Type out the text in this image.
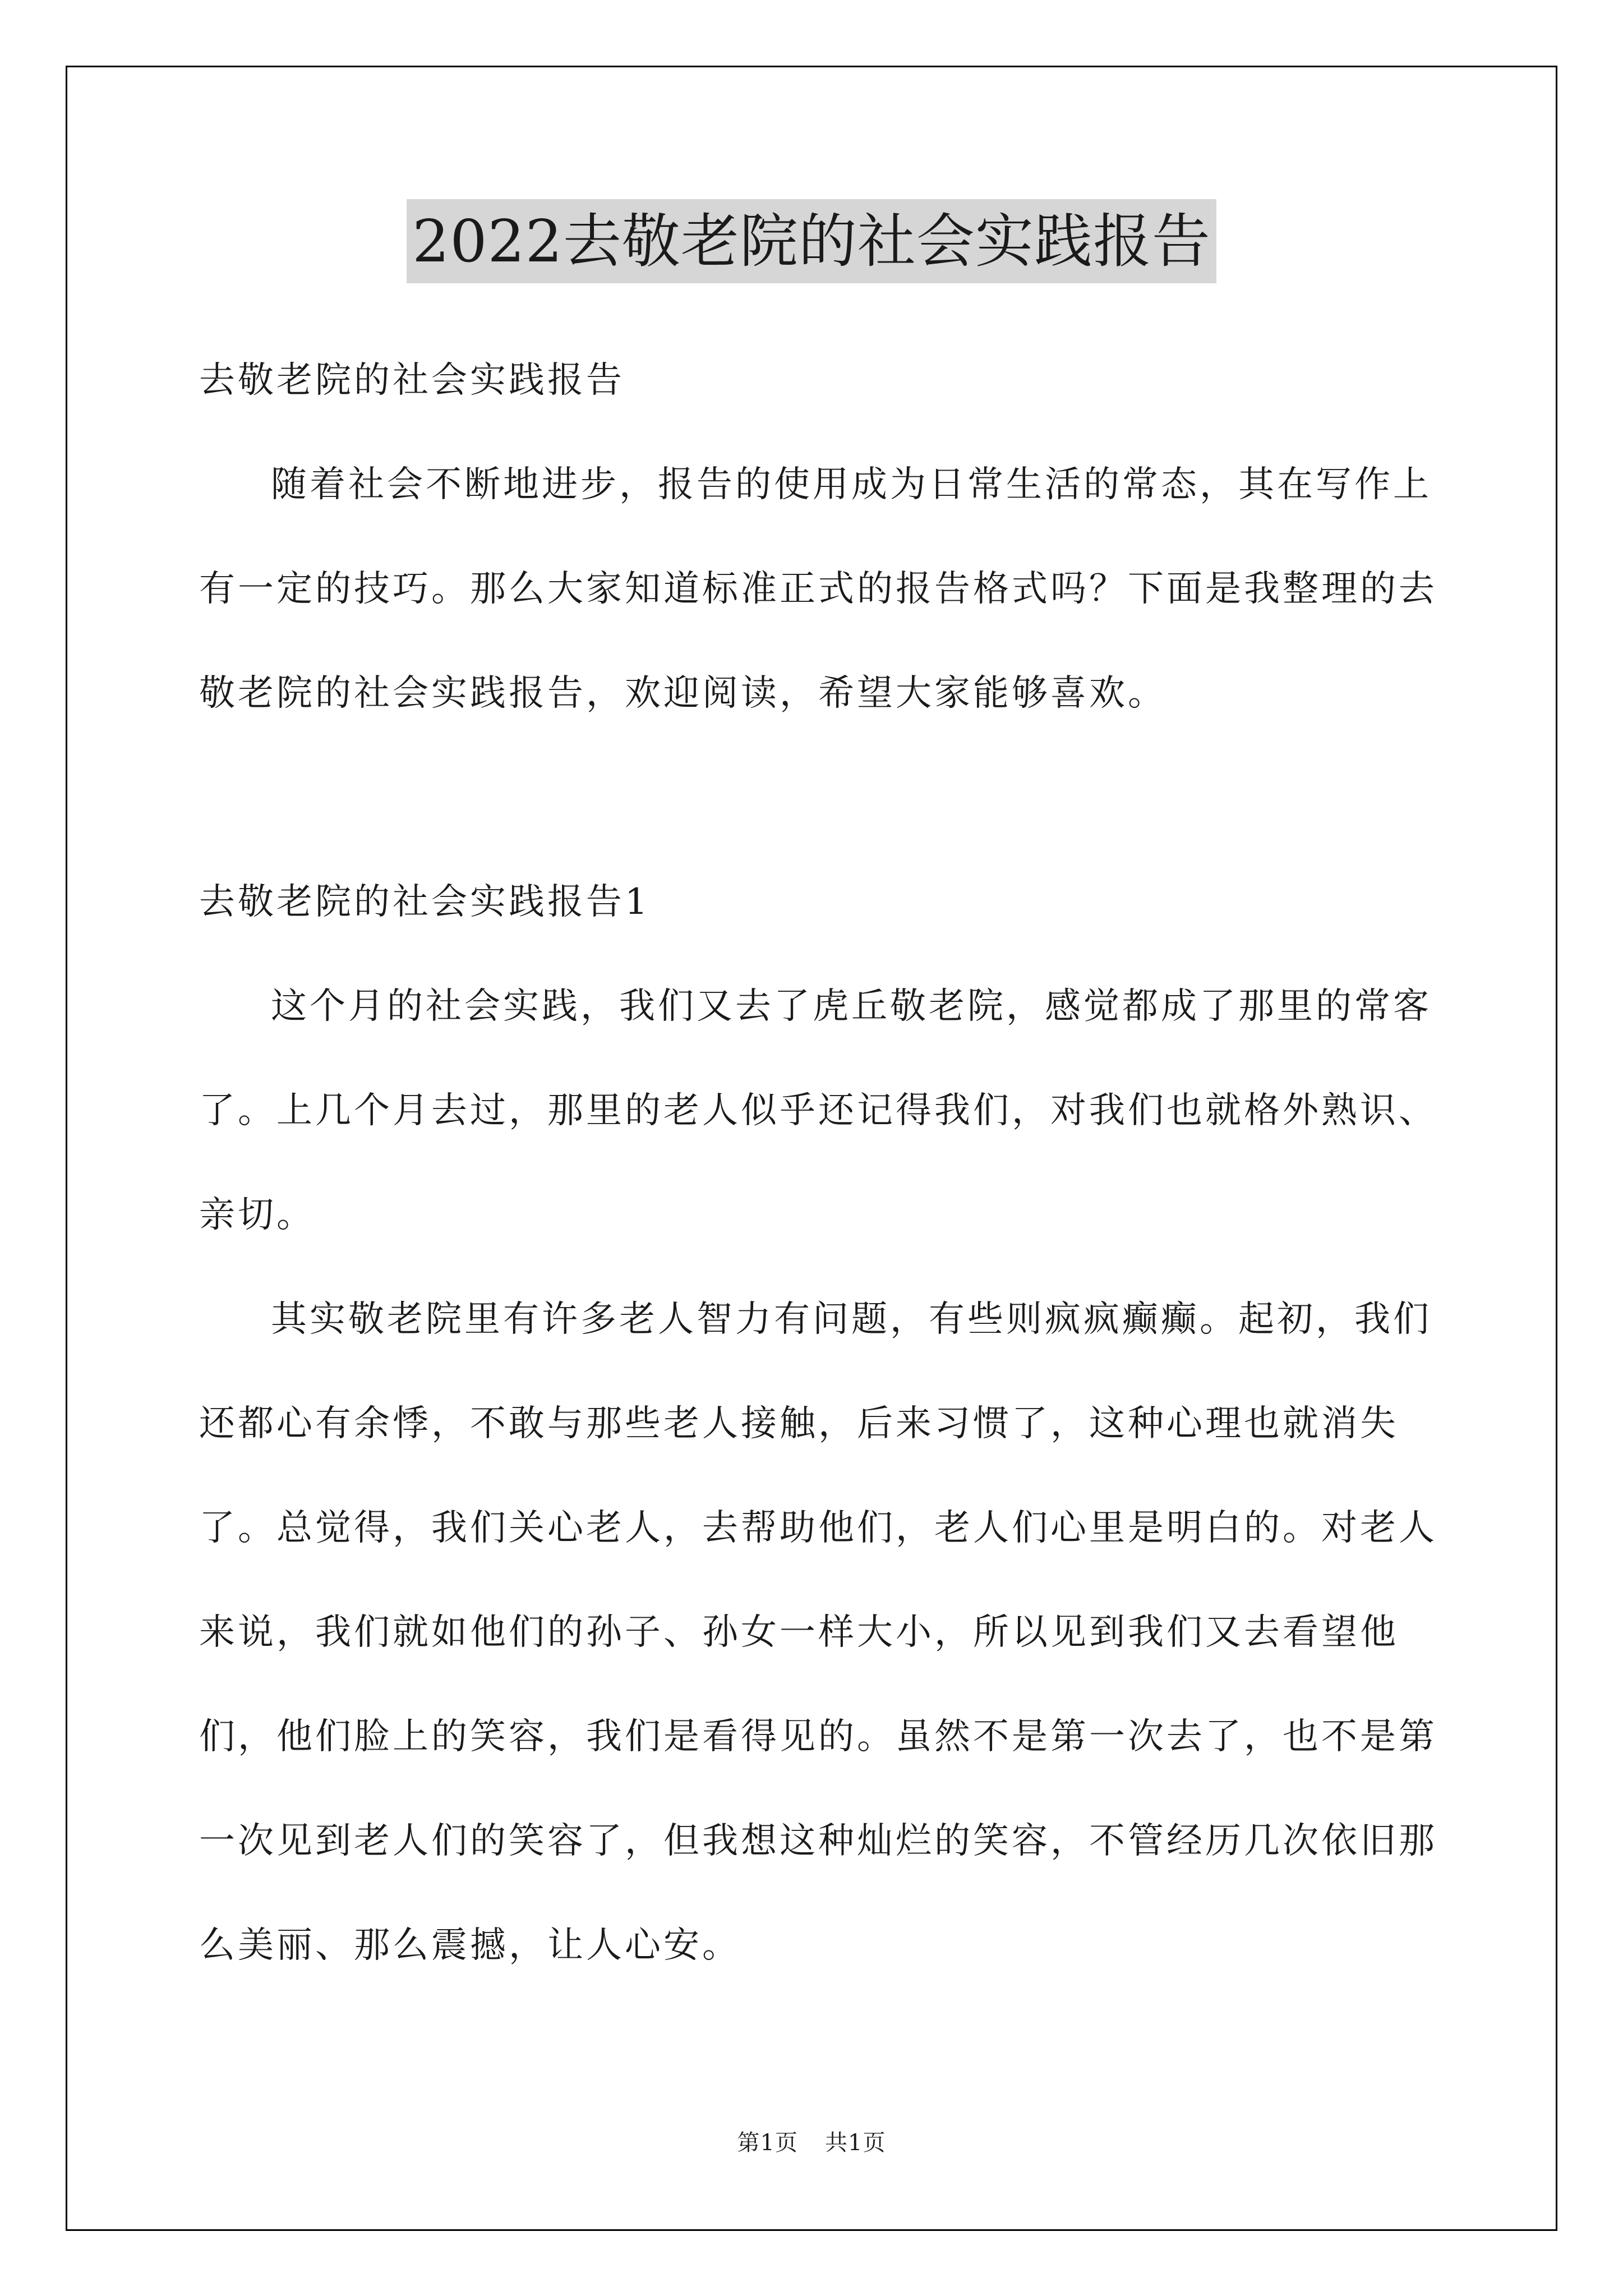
2022去敬老院的社会实践报告

去敬老院的社会实践报告

随着社会不断地进步，报告的使用成为日常生活的常态，其在写作上有一定的技巧。那么大家知道标准正式的报告格式吗？下面是我整理的去敬老院的社会实践报告，欢迎阅读，希望大家能够喜欢。

去敬老院的社会实践报告1

这个月的社会实践，我们又去了虎丘敬老院，感觉都成了那里的常客了。上几个月去过，那里的老人似乎还记得我们，对我们也就格外熟识、亲切。

其实敬老院里有许多老人智力有问题，有些则疯疯癫癫。起初，我们还都心有余悸，不敢与那些老人接触，后来习惯了，这种心理也就消失了。总觉得，我们关心老人，去帮助他们，老人们心里是明白的。对老人来说，我们就如他们的孙子、孙女一样大小，所以见到我们又去看望他们，他们脸上的笑容，我们是看得见的。虽然不是第一次去了，也不是第一次见到老人们的笑容了，但我想这种灿烂的笑容，不管经历几次依旧那么美丽、那么震撼，让人心安。

第1页 共1页
